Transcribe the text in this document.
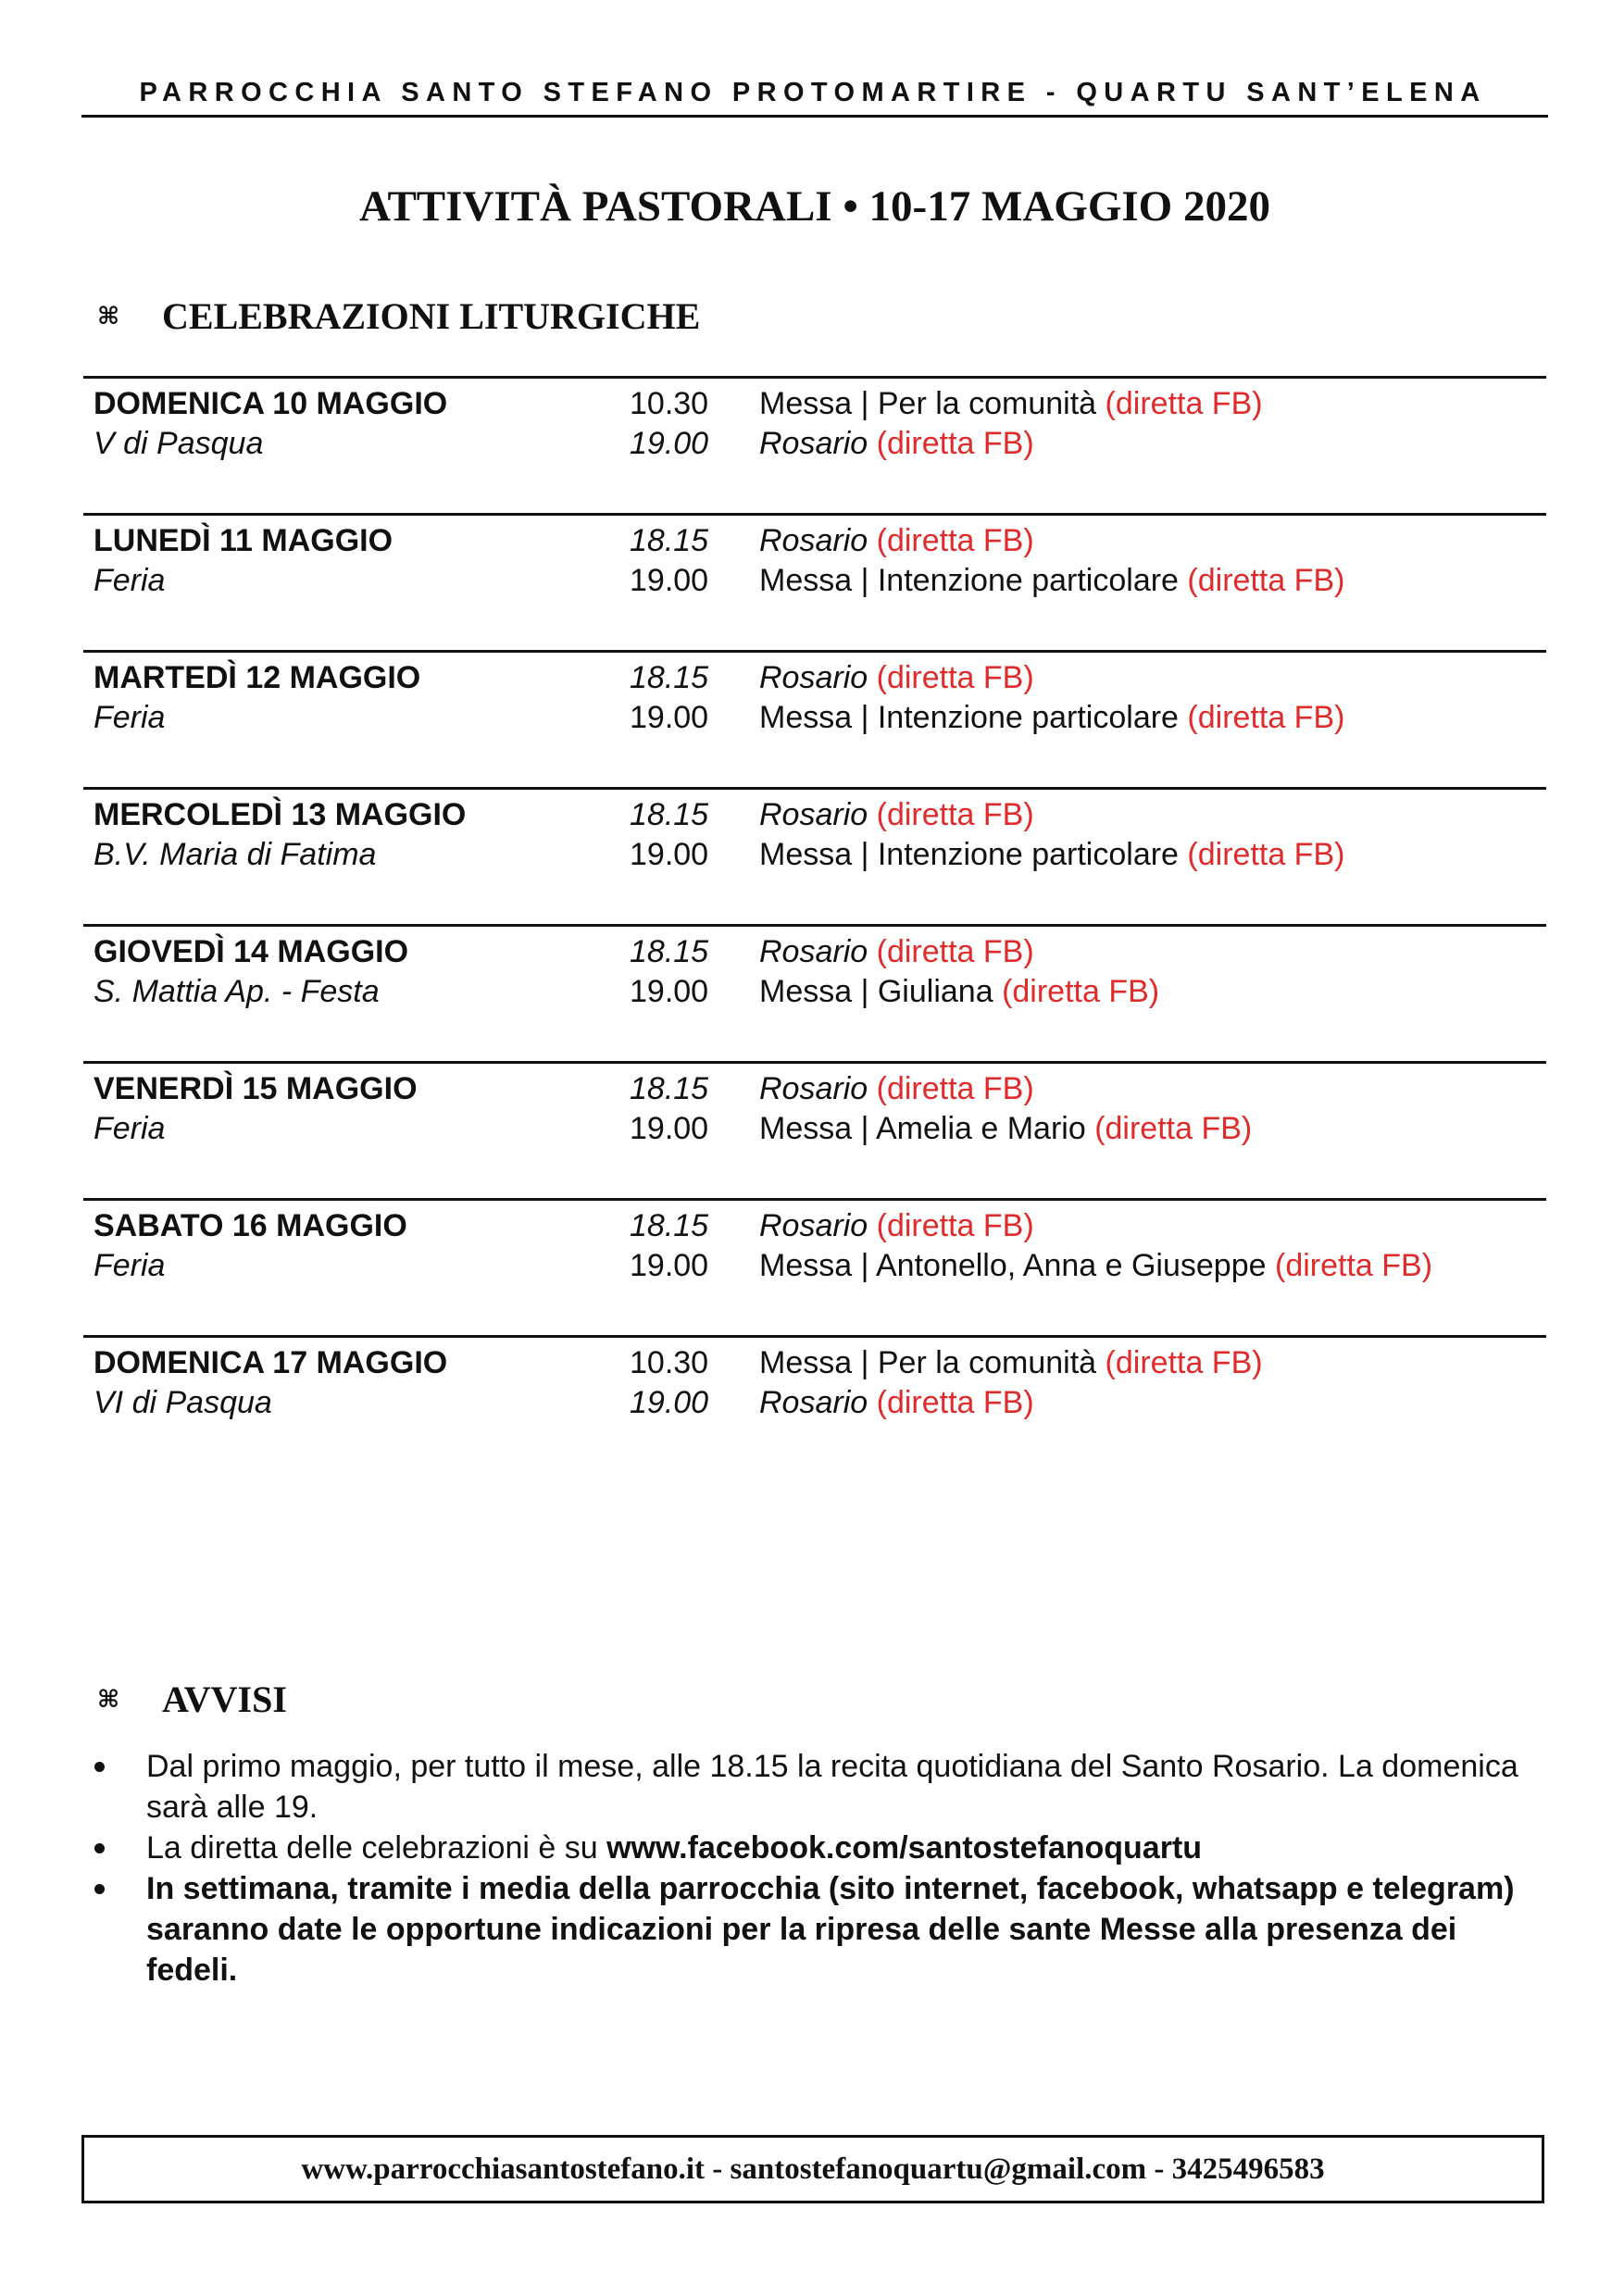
PARROCCHIA SANTO STEFANO PROTOMARTIRE - QUARTU SANT’ELENA
ATTIVITÀ PASTORALI • 10-17 MAGGIO 2020
⌘	CELEBRAZIONI LITURGICHE
DOMENICA 10 MAGGIO	10.30 Messa | Per la comunità (diretta FB)
V di Pasqua	19.00 Rosario (diretta FB)
LUNEDÌ 11 MAGGIO	18.15 Rosario (diretta FB)
Feria	19.00 Messa | Intenzione particolare (diretta FB)
MARTEDÌ 12 MAGGIO	18.15 Rosario (diretta FB)
Feria	19.00 Messa | Intenzione particolare (diretta FB)
MERCOLEDÌ 13 MAGGIO	18.15 Rosario (diretta FB)
B.V. Maria di Fatima	19.00 Messa | Intenzione particolare (diretta FB)
GIOVEDÌ 14 MAGGIO	18.15 Rosario (diretta FB)
S. Mattia Ap. - Festa	19.00 Messa | Giuliana (diretta FB)
VENERDÌ 15 MAGGIO	18.15 Rosario (diretta FB)
Feria	19.00 Messa | Amelia e Mario (diretta FB)
SABATO 16 MAGGIO	18.15 Rosario (diretta FB)
Feria	19.00 Messa | Antonello, Anna e Giuseppe (diretta FB)
DOMENICA 17 MAGGIO	10.30 Messa | Per la comunità (diretta FB)
VI di Pasqua	19.00 Rosario (diretta FB)
⌘	AVVISI
Dal primo maggio, per tutto il mese, alle 18.15 la recita quotidiana del Santo Rosario. La domenica sarà alle 19.
La diretta delle celebrazioni è su www.facebook.com/santostefanoquartu
In settimana, tramite i media della parrocchia (sito internet, facebook, whatsapp e telegram) saranno date le opportune indicazioni per la ripresa delle sante Messe alla presenza dei fedeli.
www.parrocchiasantostefano.it - santostefanoquartu@gmail.com - 3425496583
